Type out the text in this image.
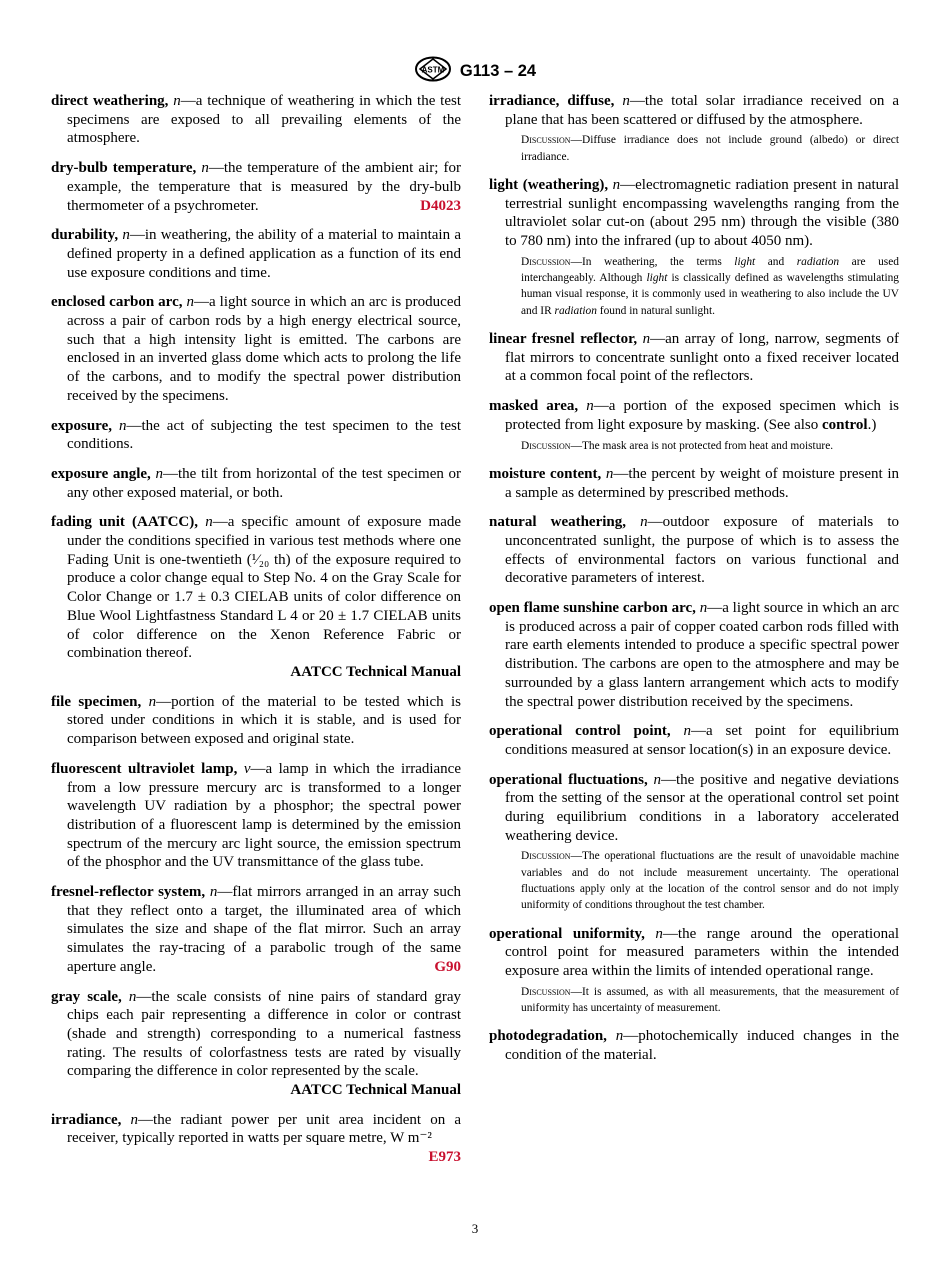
ASTM G113 – 24

direct weathering, n—a technique of weathering in which the test specimens are exposed to all prevailing elements of the atmosphere.

dry-bulb temperature, n—the temperature of the ambient air; for example, the temperature that is measured by the dry-bulb thermometer of a psychrometer.	D4023

durability, n—in weathering, the ability of a material to maintain a defined property in a defined application as a function of its end use exposure conditions and time.

enclosed carbon arc, n—a light source in which an arc is produced across a pair of carbon rods by a high energy electrical source, such that a high intensity light is emitted. The carbons are enclosed in an inverted glass dome which acts to prolong the life of the carbons, and to modify the spectral power distribution received by the specimens.

exposure, n—the act of subjecting the test specimen to the test conditions.

exposure angle, n—the tilt from horizontal of the test specimen or any other exposed material, or both.

fading unit (AATCC), n—a specific amount of exposure made under the conditions specified in various test methods where one Fading Unit is one-twentieth (¹⁄₂₀ th) of the exposure required to produce a color change equal to Step No. 4 on the Gray Scale for Color Change or 1.7 ± 0.3 CIELAB units of color difference on Blue Wool Lightfastness Standard L 4 or 20 ± 1.7 CIELAB units of color difference on the Xenon Reference Fabric or combination thereof.
AATCC Technical Manual

file specimen, n—portion of the material to be tested which is stored under conditions in which it is stable, and is used for comparison between exposed and original state.

fluorescent ultraviolet lamp, v—a lamp in which the irradiance from a low pressure mercury arc is transformed to a longer wavelength UV radiation by a phosphor; the spectral power distribution of a fluorescent lamp is determined by the emission spectrum of the mercury arc light source, the emission spectrum of the phosphor and the UV transmittance of the glass tube.

fresnel-reflector system, n—flat mirrors arranged in an array such that they reflect onto a target, the illuminated area of which simulates the size and shape of the flat mirror. Such an array simulates the ray-tracing of a parabolic trough of the same aperture angle.	G90

gray scale, n—the scale consists of nine pairs of standard gray chips each pair representing a difference in color or contrast (shade and strength) corresponding to a numerical fastness rating. The results of colorfastness tests are rated by visually comparing the difference in color represented by the scale.
AATCC Technical Manual

irradiance, n—the radiant power per unit area incident on a receiver, typically reported in watts per square metre, W m⁻²
E973

irradiance, diffuse, n—the total solar irradiance received on a plane that has been scattered or diffused by the atmosphere.
Discussion—Diffuse irradiance does not include ground (albedo) or direct irradiance.

light (weathering), n—electromagnetic radiation present in natural terrestrial sunlight encompassing wavelengths ranging from the ultraviolet solar cut-on (about 295 nm) through the visible (380 to 780 nm) into the infrared (up to about 4050 nm).
Discussion—In weathering, the terms light and radiation are used interchangeably. Although light is classically defined as wavelengths stimulating human visual response, it is commonly used in weathering to also include the UV and IR radiation found in natural sunlight.

linear fresnel reflector, n—an array of long, narrow, segments of flat mirrors to concentrate sunlight onto a fixed receiver located at a common focal point of the reflectors.

masked area, n—a portion of the exposed specimen which is protected from light exposure by masking. (See also control.)
Discussion—The mask area is not protected from heat and moisture.

moisture content, n—the percent by weight of moisture present in a sample as determined by prescribed methods.

natural weathering, n—outdoor exposure of materials to unconcentrated sunlight, the purpose of which is to assess the effects of environmental factors on various functional and decorative parameters of interest.

open flame sunshine carbon arc, n—a light source in which an arc is produced across a pair of copper coated carbon rods filled with rare earth elements intended to produce a specific spectral power distribution. The carbons are open to the atmosphere and may be surrounded by a glass lantern arrangement which acts to modify the spectral power distribution received by the specimens.

operational control point, n—a set point for equilibrium conditions measured at sensor location(s) in an exposure device.

operational fluctuations, n—the positive and negative deviations from the setting of the sensor at the operational control set point during equilibrium conditions in a laboratory accelerated weathering device.
Discussion—The operational fluctuations are the result of unavoidable machine variables and do not include measurement uncertainty. The operational fluctuations apply only at the location of the control sensor and do not imply uniformity of conditions throughout the test chamber.

operational uniformity, n—the range around the operational control point for measured parameters within the intended exposure area within the limits of intended operational range.
Discussion—It is assumed, as with all measurements, that the measurement of uniformity has uncertainty of measurement.

photodegradation, n—photochemically induced changes in the condition of the material.

3
